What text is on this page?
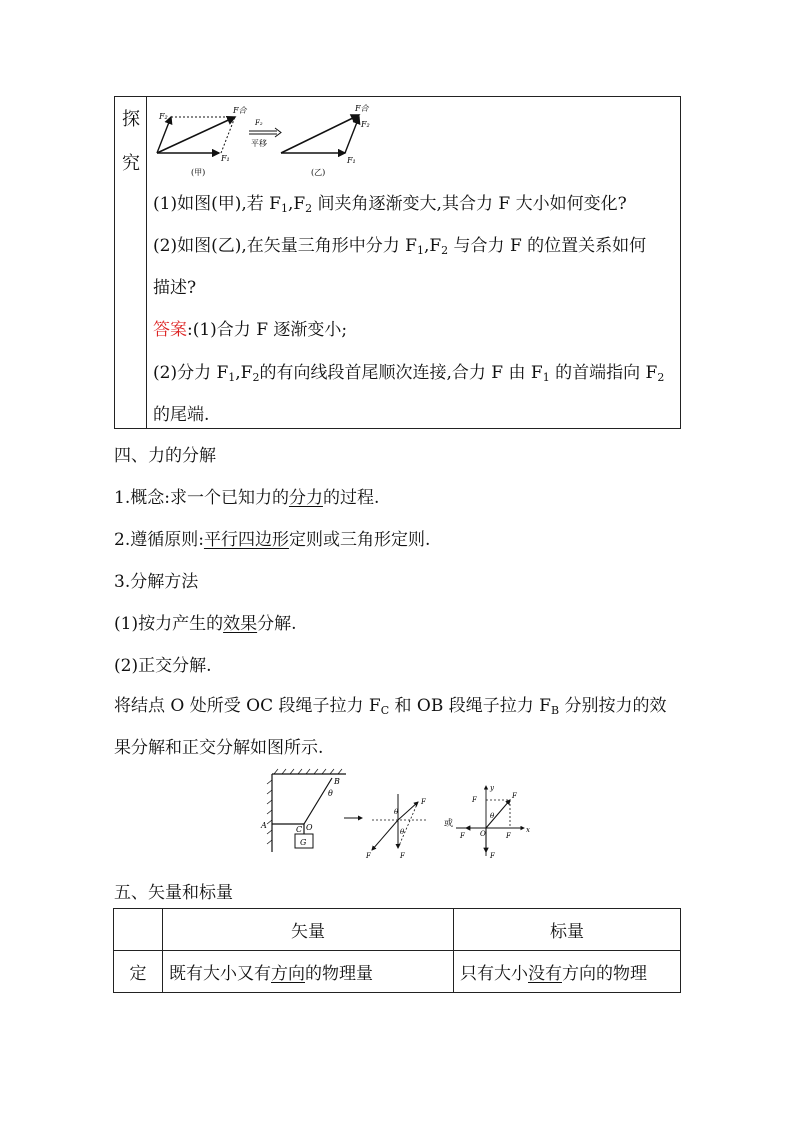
探
究
F₂
F合
F₁
(甲)
F₂
平移
F合
F₂
F₁
(乙)
(1)如图(甲),若 $F_1,F_2$ 间夹角逐渐变大,其合力 F 大小如何变化?
(2)如图(乙),在矢量三角形中分力 $F_1,F_2$ 与合力 F 的位置关系如何
描述?
答案:(1)合力 F 逐渐变小;
(2)分力 $F_1,F_2$的有向线段首尾顺次连接,合力 F 由 $F_1$ 的首端指向 $F_2$
的尾端.
四、力的分解
1.概念:求一个已知力的分力的过程.
2.遵循原则:平行四边形定则或三角形定则.
3.分解方法
(1)按力产生的效果分解.
(2)正交分解.
将结点 O 处所受 OC 段绳子拉力 $F_C$ 和 OB 段绳子拉力 $F_B$ 分别按力的效
果分解和正交分解如图所示.
A
B
C O
G
θ
F
F	F
θ
θ
或
x
y
F
F
F	F
O
F
θ
五、矢量和标量
	矢量	标量
定	既有大小又有方向的物理量	只有大小没有方向的物理
